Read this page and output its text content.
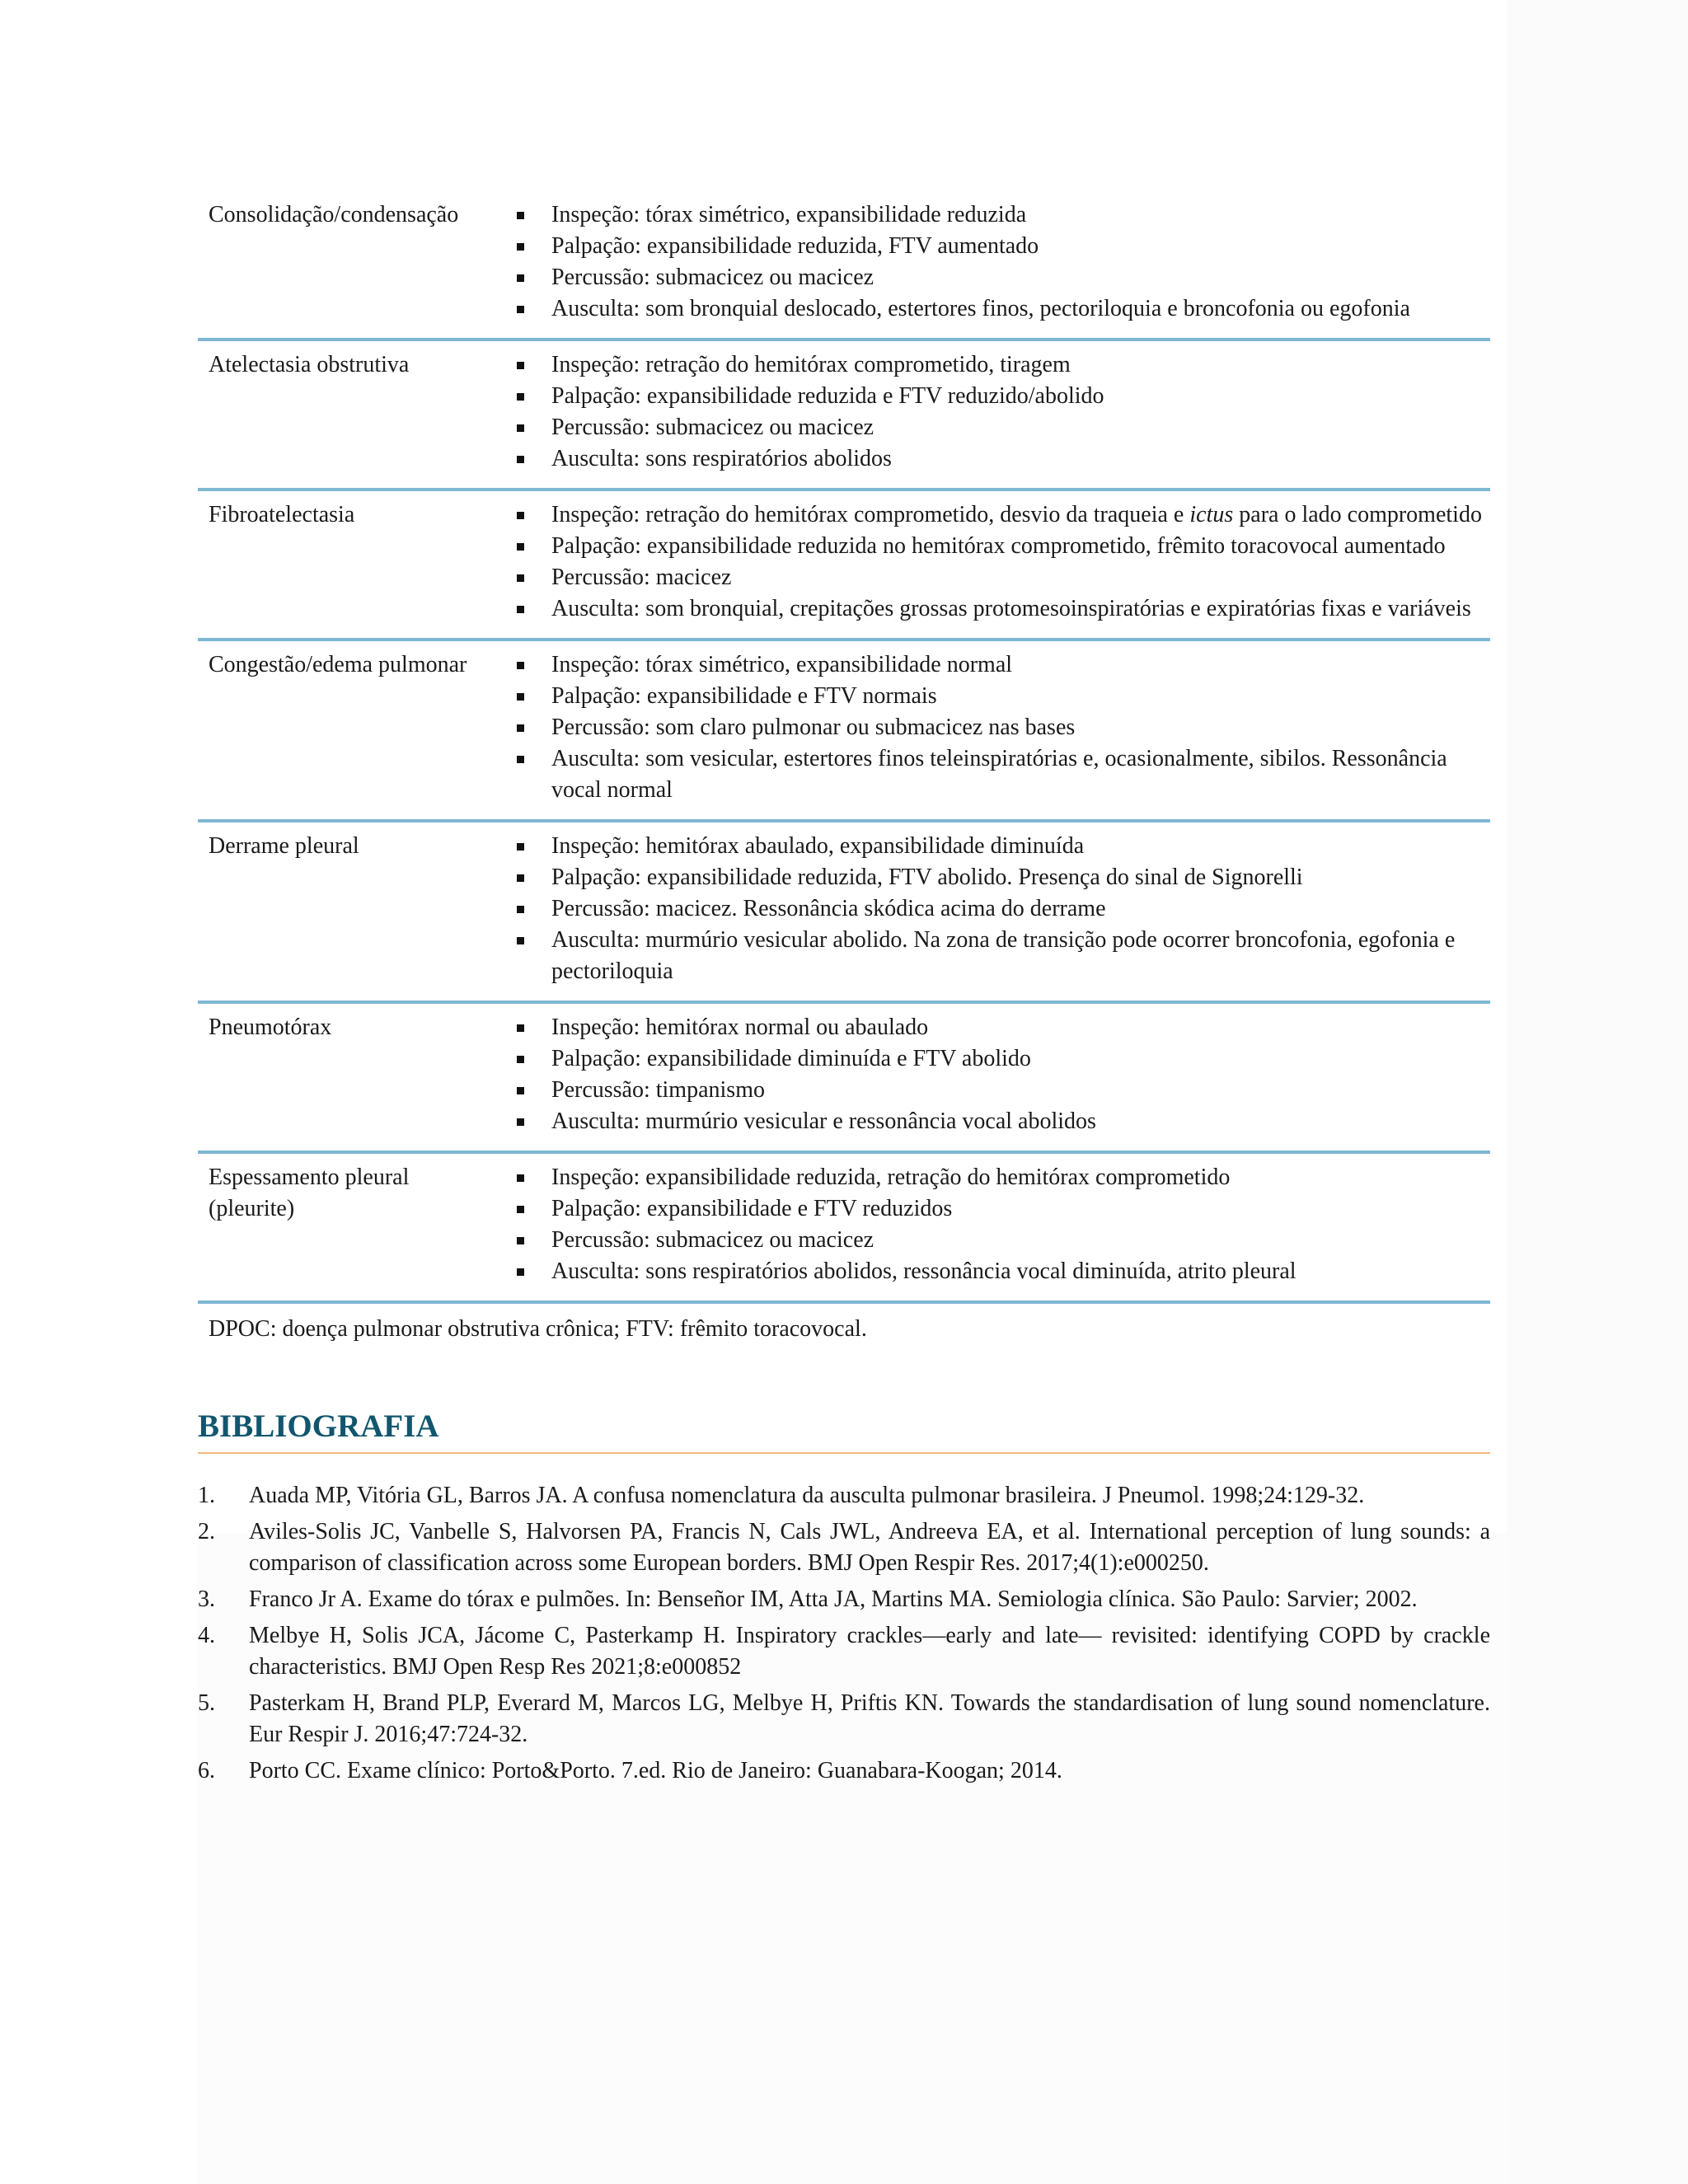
Consolidação/condensação	Inspeção: tórax simétrico, expansibilidade reduzida
Palpação: expansibilidade reduzida, FTV aumentado
Percussão: submacicez ou macicez
Ausculta: som bronquial deslocado, estertores finos, pectoriloquia e broncofonia ou egofonia
Atelectasia obstrutiva	Inspeção: retração do hemitórax comprometido, tiragem
Palpação: expansibilidade reduzida e FTV reduzido/abolido
Percussão: submacicez ou macicez
Ausculta: sons respiratórios abolidos
Fibroatelectasia	Inspeção: retração do hemitórax comprometido, desvio da traqueia e ictus para o lado comprometido
Palpação: expansibilidade reduzida no hemitórax comprometido, frêmito toracovocal aumentado
Percussão: macicez
Ausculta: som bronquial, crepitações grossas protomesoinspiratórias e expiratórias fixas e variáveis
Congestão/edema pulmonar	Inspeção: tórax simétrico, expansibilidade normal
Palpação: expansibilidade e FTV normais
Percussão: som claro pulmonar ou submacicez nas bases
Ausculta: som vesicular, estertores finos teleinspiratórias e, ocasionalmente, sibilos. Ressonância vocal normal
Derrame pleural	Inspeção: hemitórax abaulado, expansibilidade diminuída
Palpação: expansibilidade reduzida, FTV abolido. Presença do sinal de Signorelli
Percussão: macicez. Ressonância skódica acima do derrame
Ausculta: murmúrio vesicular abolido. Na zona de transição pode ocorrer broncofonia, egofonia e pectoriloquia
Pneumotórax	Inspeção: hemitórax normal ou abaulado
Palpação: expansibilidade diminuída e FTV abolido
Percussão: timpanismo
Ausculta: murmúrio vesicular e ressonância vocal abolidos
Espessamento pleural (pleurite)
Inspeção: expansibilidade reduzida, retração do hemitórax comprometido
Palpação: expansibilidade e FTV reduzidos
Percussão: submacicez ou macicez
Ausculta: sons respiratórios abolidos, ressonância vocal diminuída, atrito pleural
DPOC: doença pulmonar obstrutiva crônica; FTV: frêmito toracovocal.
BIBLIOGRAFIA
1. Auada MP, Vitória GL, Barros JA. A confusa nomenclatura da ausculta pulmonar brasileira. J Pneumol. 1998;24:129-32.
2. Aviles-Solis JC, Vanbelle S, Halvorsen PA, Francis N, Cals JWL, Andreeva EA, et al. International perception of lung sounds: a comparison of classification across some European borders. BMJ Open Respir Res. 2017;4(1):e000250.
3. Franco Jr A. Exame do tórax e pulmões. In: Benseñor IM, Atta JA, Martins MA. Semiologia clínica. São Paulo: Sarvier; 2002.
4. Melbye H, Solis JCA, Jácome C, Pasterkamp H. Inspiratory crackles—early and late— revisited: identifying COPD by crackle characteristics. BMJ Open Resp Res 2021;8:e000852
5. Pasterkam H, Brand PLP, Everard M, Marcos LG, Melbye H, Priftis KN. Towards the standardisation of lung sound nomenclature. Eur Respir J. 2016;47:724-32.
6. Porto CC. Exame clínico: Porto&Porto. 7.ed. Rio de Janeiro: Guanabara-Koogan; 2014.
